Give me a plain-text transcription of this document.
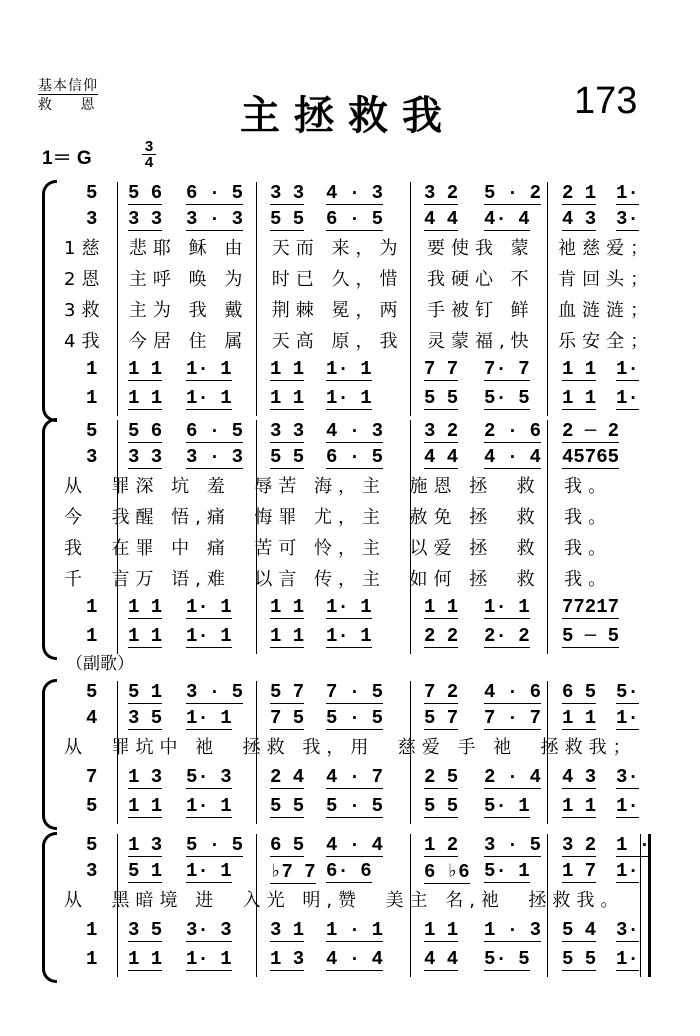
基本信仰
救 恩	主拯救我	173
1＝ G
3
4
5 5 6 6 · 5 3 3 4 · 3 3 2 5 · 2 2 1 1·
3 3 3 3 · 3 5 5 6 · 5 4 4 4· 4 4 3 3·
1慈  悲耶 稣 由  天而 来，为  要使我 蒙  祂慈爱；
2恩  主呼 唤 为  时已 久，惜  我硬心 不  肯回头；
3救  主为 我 戴  荆棘 冕，两  手被钉 鲜  血涟涟；
4我  今居 住 属  天高 原，我  灵蒙福,快  乐安全；
1 1 1 1· 1 1 1 1· 1	7 7 7· 7 1 1 1·
1 1 1 1· 1 1 1 1· 1	5 5 5· 5 1 1 1·
5 5 6 6 · 5 3 3 4 · 3 3 2 2 · 6 2 ─ 2
3 3 3 3 · 3 5 5 6 · 5 4 4 4 · 4 45765
从  罪深 坑 羞  辱苦 海，主  施恩 拯  救  我。
今  我醒 悟,痛  悔罪 尤，主  赦免 拯  救  我。
我  在罪 中 痛  苦可 怜，主  以爱 拯  救  我。
千  言万 语,难  以言 传，主  如何 拯  救  我。
1 1 1 1· 1 1 1 1· 1	1 1 1· 1 77217
1 1 1 1· 1 1 1 1· 1	2 2 2· 2 5 ─ 5
（副歌）
5 5 1 3 · 5 5 7 7 · 5 7 2 4 · 6 6 5 5·
4 3 5 1· 1 7 5 5 · 5 5 7 7 · 7 1 1 1·
从  罪坑中 祂  拯救 我，用  慈爱 手 祂  拯救我；
7 1 3 5· 3 2 4 4 · 7 2 5 2 · 4 4 3 3·
5 1 1 1· 1 5 5 5 · 5 5 5 5· 1 1 1 1·
5 1 3 5 · 5 6 5 4 · 4 1 2 3 · 5 3 2 1 ·
3 5 1 1· 1 ♭7 7 6· 6	6 ♭6 5· 1 1 7 1·
从  黑暗境 进  入光 明,赞  美主 名,祂  拯救我。
1 3 5 3· 3 3 1 1 · 1 1 1 1 · 3 5 4 3·
1 1 1 1· 1 1 3 4 · 4 4 4 5· 5 5 5 1·
